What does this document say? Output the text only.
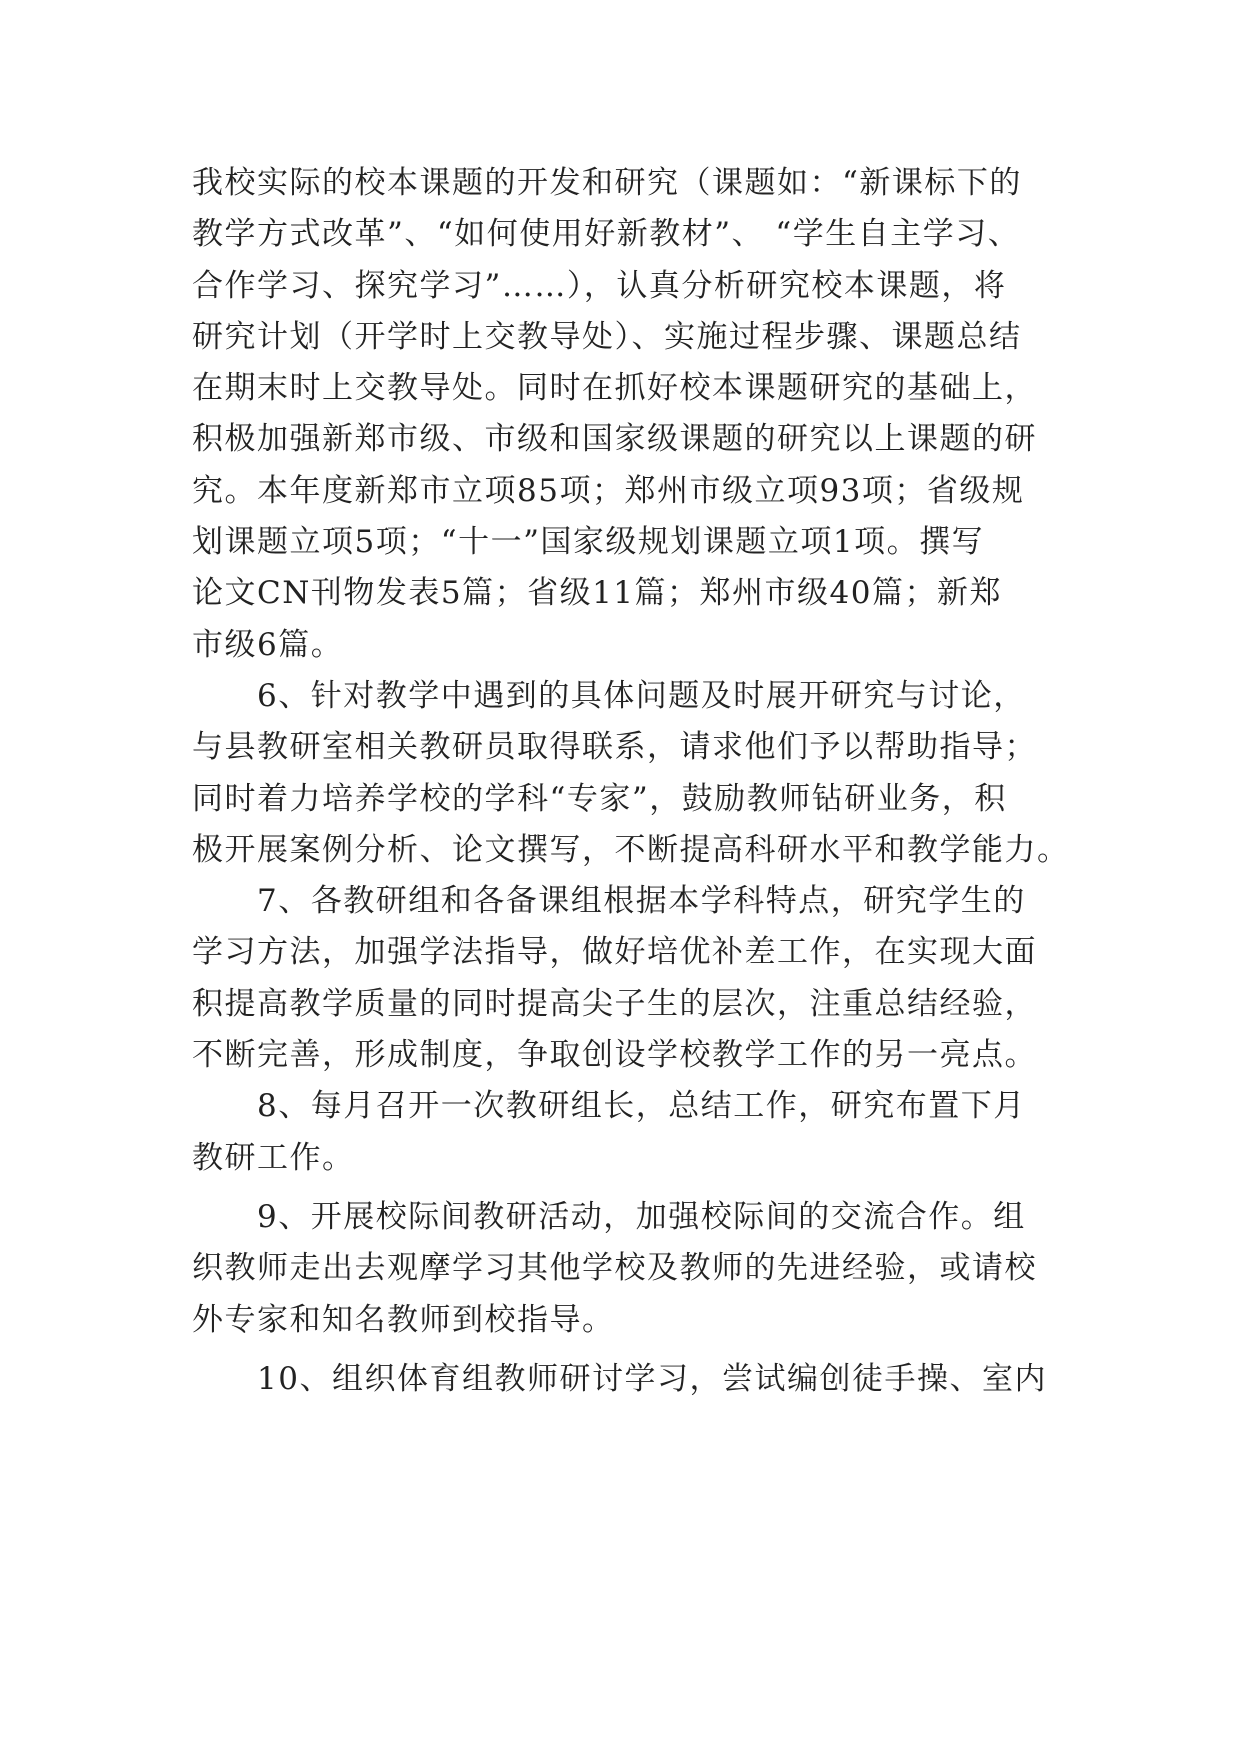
我校实际的校本课题的开发和研究（课题如：“新课标下的
教学方式改革”、“如何使用好新教材”、 “学生自主学习、
合作学习、探究学习”……），认真分析研究校本课题，将
研究计划（开学时上交教导处）、实施过程步骤、课题总结
在期末时上交教导处。同时在抓好校本课题研究的基础上，
积极加强新郑市级、市级和国家级课题的研究以上课题的研
究。本年度新郑市立项85项；郑州市级立项93项；省级规
划课题立项5项；“十一”国家级规划课题立项1项。撰写
论文CN刊物发表5篇；省级11篇；郑州市级40篇；新郑
市级6篇。
　　6、针对教学中遇到的具体问题及时展开研究与讨论，
与县教研室相关教研员取得联系，请求他们予以帮助指导；
同时着力培养学校的学科“专家”，鼓励教师钻研业务，积
极开展案例分析、论文撰写，不断提高科研水平和教学能力。
　　7、各教研组和各备课组根据本学科特点，研究学生的
学习方法，加强学法指导，做好培优补差工作，在实现大面
积提高教学质量的同时提高尖子生的层次，注重总结经验，
不断完善，形成制度，争取创设学校教学工作的另一亮点。
　　8、每月召开一次教研组长，总结工作，研究布置下月
教研工作。
　　9、开展校际间教研活动，加强校际间的交流合作。组
织教师走出去观摩学习其他学校及教师的先进经验，或请校
外专家和知名教师到校指导。
　　10、组织体育组教师研讨学习，尝试编创徒手操、室内
